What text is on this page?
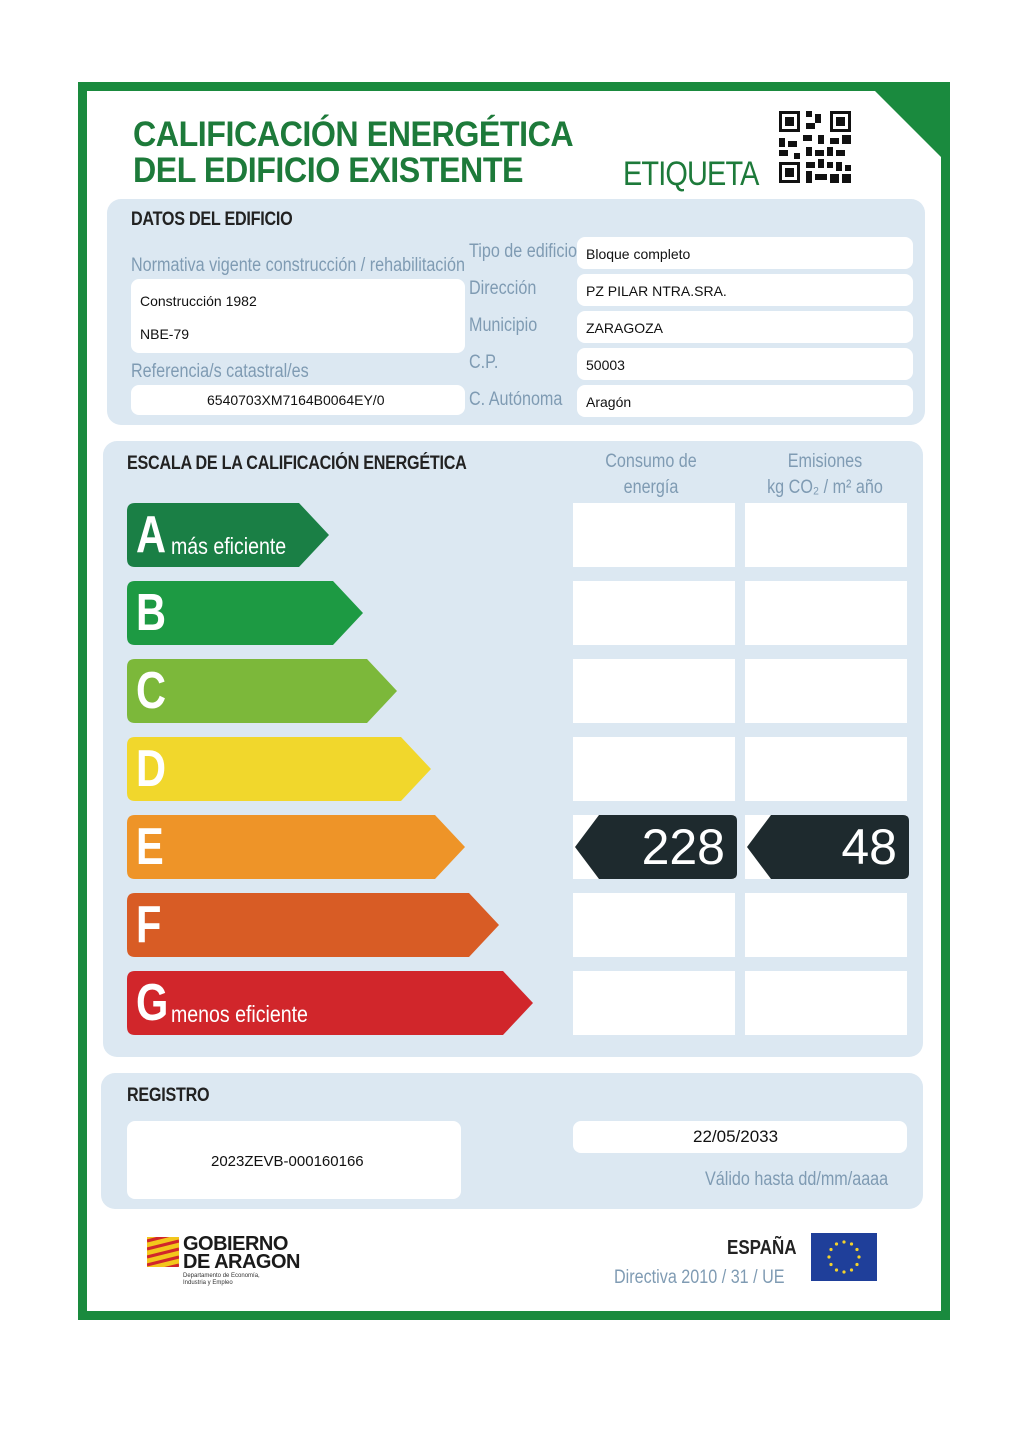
CALIFICACIÓN ENERGÉTICA
DEL EDIFICIO EXISTENTE	ETIQUETA
DATOS DEL EDIFICIO
Normativa vigente construcción / rehabilitación
Construcción 1982
NBE-79
Referencia/s catastral/es
6540703XM7164B0064EY/0
Tipo de edificio Bloque completo
Dirección	PZ PILAR NTRA.SRA.
Municipio	ZARAGOZA
C.P.	50003
C. Autónoma Aragón
ESCALA DE LA CALIFICACIÓN ENERGÉTICA	Consumo de energía
Emisiones
kg CO₂ / m² año
A más eficiente
B
C
D
E	228	48
F
G menos eficiente
REGISTRO
2023ZEVB-000160166
22/05/2033
Válido hasta dd/mm/aaaa
GOBIERNO
DE ARAGON
Departamento de Economía,
Industria y Empleo
ESPAÑA
Directiva 2010 / 31 / UE
